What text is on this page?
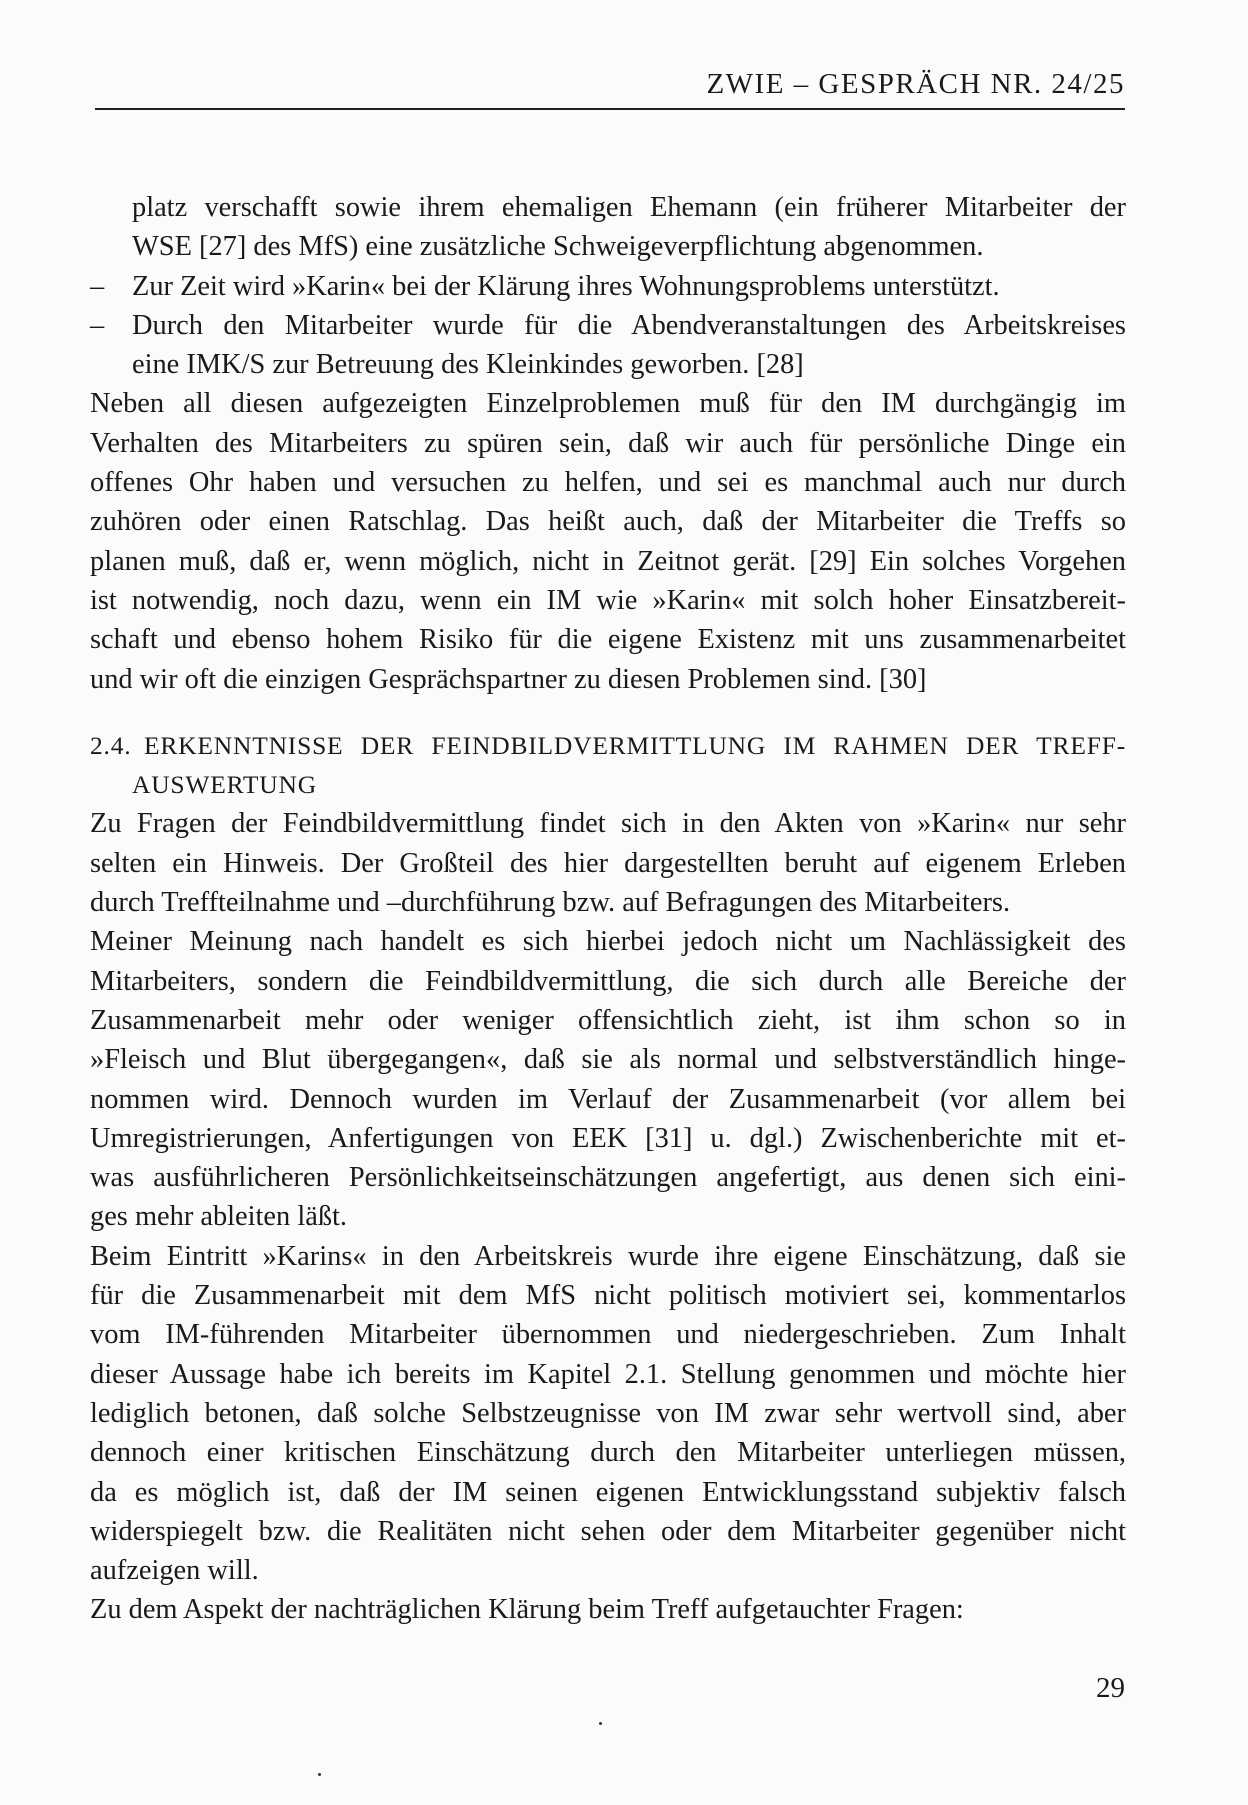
ZWIE – GESPRÄCH NR. 24/25
platz verschafft sowie ihrem ehemaligen Ehemann (ein früherer Mitarbeiter der
WSE [27] des MfS) eine zusätzliche Schweigeverpflichtung abgenommen.
– Zur Zeit wird »Karin« bei der Klärung ihres Wohnungsproblems unterstützt.
– Durch den Mitarbeiter wurde für die Abendveranstaltungen des Arbeitskreises
eine IMK/S zur Betreuung des Kleinkindes geworben. [28]
Neben all diesen aufgezeigten Einzelproblemen muß für den IM durchgängig im
Verhalten des Mitarbeiters zu spüren sein, daß wir auch für persönliche Dinge ein
offenes Ohr haben und versuchen zu helfen, und sei es manchmal auch nur durch
zuhören oder einen Ratschlag. Das heißt auch, daß der Mitarbeiter die Treffs so
planen muß, daß er, wenn möglich, nicht in Zeitnot gerät. [29] Ein solches Vorgehen
ist notwendig, noch dazu, wenn ein IM wie »Karin« mit solch hoher Einsatzbereit-
schaft und ebenso hohem Risiko für die eigene Existenz mit uns zusammenarbeitet
und wir oft die einzigen Gesprächspartner zu diesen Problemen sind. [30]
2.4. ERKENNTNISSE DER FEINDBILDVERMITTLUNG IM RAHMEN DER TREFF-
AUSWERTUNG
Zu Fragen der Feindbildvermittlung findet sich in den Akten von »Karin« nur sehr
selten ein Hinweis. Der Großteil des hier dargestellten beruht auf eigenem Erleben
durch Treffteilnahme und –durchführung bzw. auf Befragungen des Mitarbeiters.
Meiner Meinung nach handelt es sich hierbei jedoch nicht um Nachlässigkeit des
Mitarbeiters, sondern die Feindbildvermittlung, die sich durch alle Bereiche der
Zusammenarbeit mehr oder weniger offensichtlich zieht, ist ihm schon so in
»Fleisch und Blut übergegangen«, daß sie als normal und selbstverständlich hinge-
nommen wird. Dennoch wurden im Verlauf der Zusammenarbeit (vor allem bei
Umregistrierungen, Anfertigungen von EEK [31] u. dgl.) Zwischenberichte mit et-
was ausführlicheren Persönlichkeitseinschätzungen angefertigt, aus denen sich eini-
ges mehr ableiten läßt.
Beim Eintritt »Karins« in den Arbeitskreis wurde ihre eigene Einschätzung, daß sie
für die Zusammenarbeit mit dem MfS nicht politisch motiviert sei, kommentarlos
vom IM-führenden Mitarbeiter übernommen und niedergeschrieben. Zum Inhalt
dieser Aussage habe ich bereits im Kapitel 2.1. Stellung genommen und möchte hier
lediglich betonen, daß solche Selbstzeugnisse von IM zwar sehr wertvoll sind, aber
dennoch einer kritischen Einschätzung durch den Mitarbeiter unterliegen müssen,
da es möglich ist, daß der IM seinen eigenen Entwicklungsstand subjektiv falsch
widerspiegelt bzw. die Realitäten nicht sehen oder dem Mitarbeiter gegenüber nicht
aufzeigen will.
Zu dem Aspekt der nachträglichen Klärung beim Treff aufgetauchter Fragen:
29
